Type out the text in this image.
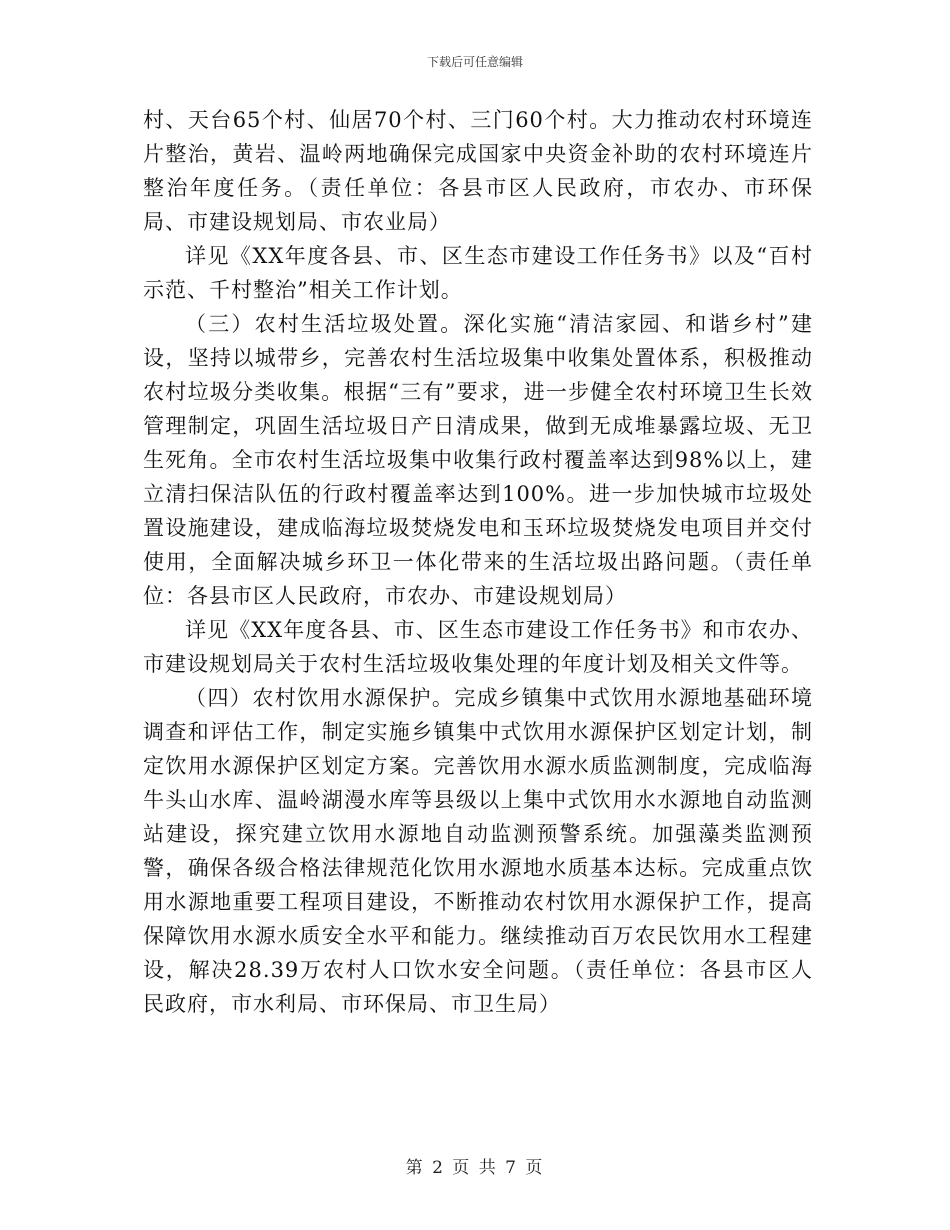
下载后可任意编辑

村、天台65个村、仙居70个村、三门60个村。大力推动农村环境连片整治，黄岩、温岭两地确保完成国家中央资金补助的农村环境连片整治年度任务。（责任单位：各县市区人民政府，市农办、市环保局、市建设规划局、市农业局）

详见《XX年度各县、市、区生态市建设工作任务书》以及“百村示范、千村整治”相关工作计划。

（三）农村生活垃圾处置。深化实施“清洁家园、和谐乡村”建设，坚持以城带乡，完善农村生活垃圾集中收集处置体系，积极推动农村垃圾分类收集。根据“三有”要求，进一步健全农村环境卫生长效管理制定，巩固生活垃圾日产日清成果，做到无成堆暴露垃圾、无卫生死角。全市农村生活垃圾集中收集行政村覆盖率达到98%以上，建立清扫保洁队伍的行政村覆盖率达到100%。进一步加快城市垃圾处置设施建设，建成临海垃圾焚烧发电和玉环垃圾焚烧发电项目并交付使用，全面解决城乡环卫一体化带来的生活垃圾出路问题。（责任单位：各县市区人民政府，市农办、市建设规划局）

详见《XX年度各县、市、区生态市建设工作任务书》和市农办、市建设规划局关于农村生活垃圾收集处理的年度计划及相关文件等。

（四）农村饮用水源保护。完成乡镇集中式饮用水源地基础环境调查和评估工作，制定实施乡镇集中式饮用水源保护区划定计划，制定饮用水源保护区划定方案。完善饮用水源水质监测制度，完成临海牛头山水库、温岭湖漫水库等县级以上集中式饮用水水源地自动监测站建设，探究建立饮用水源地自动监测预警系统。加强藻类监测预警，确保各级合格法律规范化饮用水源地水质基本达标。完成重点饮用水源地重要工程项目建设，不断推动农村饮用水源保护工作，提高保障饮用水源水质安全水平和能力。继续推动百万农民饮用水工程建设，解决28.39万农村人口饮水安全问题。（责任单位：各县市区人民政府，市水利局、市环保局、市卫生局）

第 2 页 共 7 页
